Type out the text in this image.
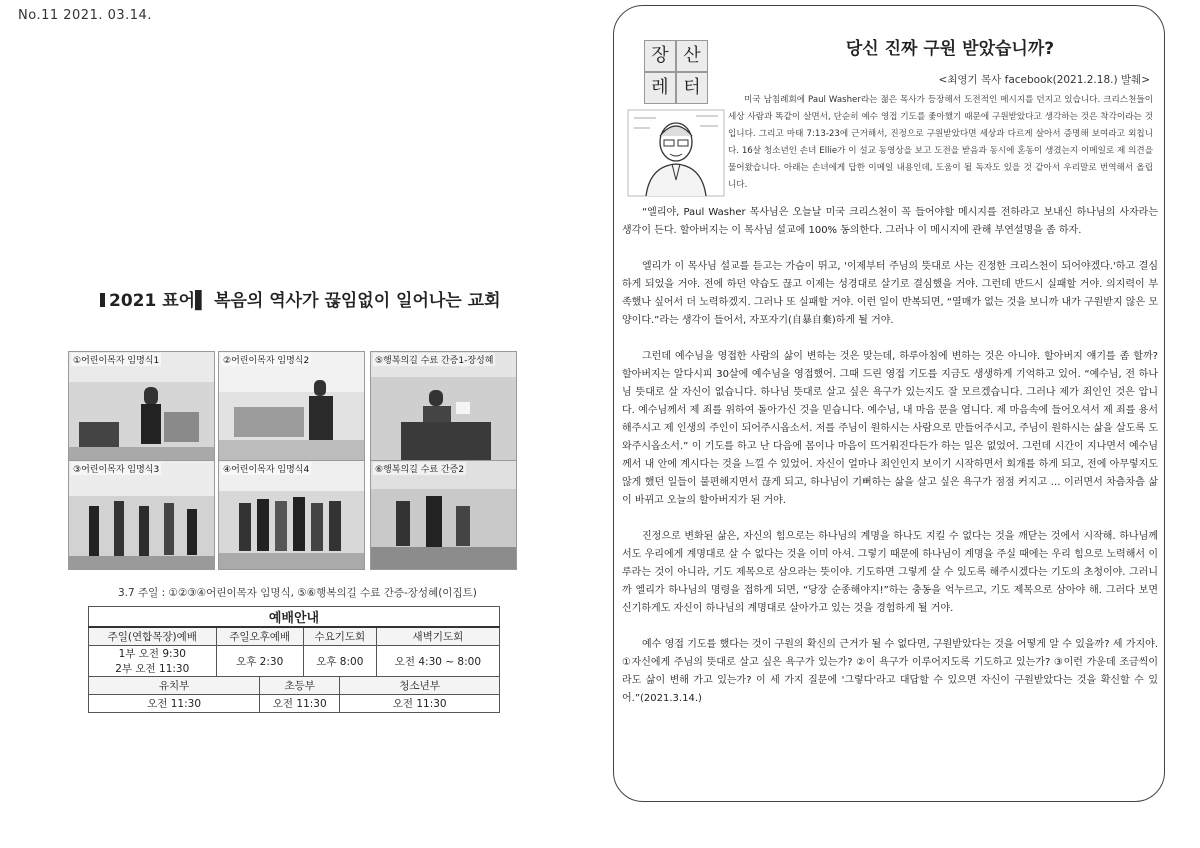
No.11 2021. 03.14.
2021 표어▌ 복음의 역사가 끊임없이 일어나는 교회
①어린이목자 임명식1	②어린이목자 임명식2	⑤행복의길 수료 간증1-장성혜
③어린이목자 임명식3	④어린이목자 임명식4	⑥행복의길 수료 간증2
3.7 주일 : ①②③④어린이목자 임명식, ⑤⑥행복의길 수료 간증-장성혜(이집트)
예배안내					
주일(연합목장)예배	주일오후예배		수요기도회		새벽기도회

1부 오전 9:30
2부 오전 11:30	오후 2:30		오후 8:00		오전 4:30 ~ 8:00
유치부		초등부		청소년부	
오전 11:30		오전 11:30		오전 11:30	
장 산
레 터
당신 진짜 구원 받았습니까?
<최영기 목사 facebook(2021.2.18.) 발췌>
미국 남침례회에 Paul Washer라는 젊은 목사가 등장해서 도전적인 메시지를 던지고 있습니다. 크리스천들이 세상 사람과 똑같이 살면서, 단순히 예수 영접 기도를 좇아했기 때문에 구원받았다고 생각하는 것은 착각이라는 것입니다. 그리고 마태 7:13-23에 근거해서, 진정으로 구원받았다면 세상과 다르게 살아서 증명해 보여라고 외칩니다. 16살 청소년인 손녀 Ellie가 이 설교 동영상을 보고 도전을 받음과 동시에 혼동이 생겼는지 이메일로 제 의견을 물어왔습니다. 아래는 손녀에게 답한 이메일 내용인데, 도움이 될 독자도 있을 것 같아서 우리말로 번역해서 올립니다.

“엘리야, Paul Washer 목사님은 오늘날 미국 크리스천이 꼭 들어야할 메시지를 전하라고 보내신 하나님의 사자라는 생각이 든다. 할아버지는 이 목사님 설교에 100% 동의한다. 그러나 이 메시지에 관해 부연설명을 좀 하자.

엘리가 이 목사님 설교를 듣고는 가슴이 뛰고, '이제부터 주님의 뜻대로 사는 진정한 크리스천이 되어야겠다.'하고 결심하게 되었을 거야. 전에 하던 약습도 끊고 이제는 성경대로 살기로 결심했을 거야. 그런데 반드시 실패할 거야. 의지력이 부족했나 싶어서 더 노력하겠지. 그러나 또 실패할 거야. 이런 일이 반복되면, “열매가 없는 것을 보니까 내가 구원받지 않은 모양이다.”라는 생각이 들어서, 자포자기(自暴自棄)하게 될 거야.

그런데 예수님을 영접한 사람의 삶이 변하는 것은 맞는데, 하루아침에 변하는 것은 아니야. 할아버지 얘기를 좀 할까? 할아버지는 알다시피 30살에 예수님을 영접했어. 그때 드린 영접 기도를 지금도 생생하게 기억하고 있어. “예수님, 전 하나님 뜻대로 살 자신이 없습니다. 하나님 뜻대로 살고 싶은 욕구가 있는지도 잘 모르겠습니다. 그러나 제가 죄인인 것은 압니다. 예수님께서 제 죄를 위하여 돌아가신 것을 믿습니다. 예수님, 내 마음 문을 엽니다. 제 마음속에 들어오셔서 제 죄를 용서해주시고 제 인생의 주인이 되어주시옵소서. 저를 주님이 원하시는 사람으로 만들어주시고, 주님이 원하시는 삶을 살도록 도와주시옵소서.” 이 기도를 하고 난 다음에 몸이나 마음이 뜨거워진다든가 하는 일은 없었어. 그런데 시간이 지나면서 예수님께서 내 안에 계시다는 것을 느낄 수 있었어. 자신이 얼마나 죄인인지 보이기 시작하면서 회개를 하게 되고, 전에 아무렇지도 않게 했던 일들이 불편해지면서 끊게 되고, 하나님이 기뻐하는 삶을 살고 싶은 욕구가 점점 커지고 … 이러면서 차츰차츰 삶이 바뀌고 오늘의 할아버지가 된 거야.

진정으로 변화된 삶은, 자신의 힘으로는 하나님의 계명을 하나도 지킬 수 없다는 것을 깨닫는 것에서 시작해. 하나님께서도 우리에게 계명대로 살 수 없다는 것을 이미 아셔. 그렇기 때문에 하나님이 계명을 주실 때에는 우리 힘으로 노력해서 이루라는 것이 아니라, 기도 제목으로 삼으라는 뜻이야. 기도하면 그렇게 살 수 있도록 해주시겠다는 기도의 초청이야. 그러니까 엘리가 하나님의 명령을 접하게 되면, “당장 순종해야지!”하는 충동을 억누르고, 기도 제목으로 삼아야 해. 그러다 보면 신기하게도 자신이 하나님의 계명대로 살아가고 있는 것을 경험하게 될 거야.

예수 영접 기도를 했다는 것이 구원의 확신의 근거가 될 수 없다면, 구원받았다는 것을 어떻게 알 수 있을까? 세 가지야. ①자신에게 주님의 뜻대로 살고 싶은 욕구가 있는가? ②이 욕구가 이루어지도록 기도하고 있는가? ③이런 가운데 조금씩이라도 삶이 변해 가고 있는가? 이 세 가지 질문에 '그렇다'라고 대답할 수 있으면 자신이 구원받았다는 것을 확신할 수 있어.”(2021.3.14.)
